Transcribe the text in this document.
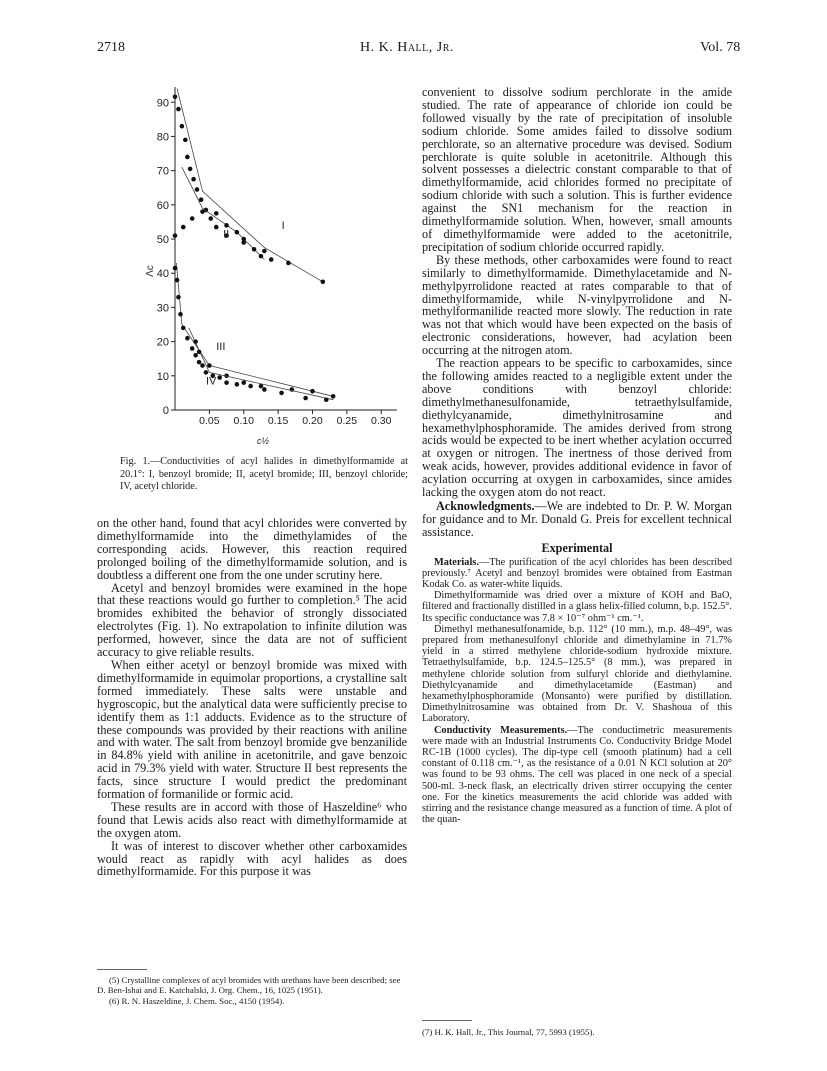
2718	H. K. Hall, Jr.	Vol. 78
0
10
20
30
40
50
60
70
80
90
0.05 0.10 0.15 0.20 0.25 0.30
Λc
c½
I
II
III
IV
Fig. 1.—Conductivities of acyl halides in dimethylformamide at 20.1°: I, benzoyl bromide; II, acetyl bromide; III, benzoyl chloride; IV, acetyl chloride.

on the other hand, found that acyl chlorides were converted by dimethylformamide into the dimethylamides of the corresponding acids. However, this reaction required prolonged boiling of the dimethylformamide solution, and is doubtless a different one from the one under scrutiny here.

Acetyl and benzoyl bromides were examined in the hope that these reactions would go further to completion.⁵ The acid bromides exhibited the behavior of strongly dissociated electrolytes (Fig. 1). No extrapolation to infinite dilution was performed, however, since the data are not of sufficient accuracy to give reliable results.

When either acetyl or benzoyl bromide was mixed with dimethylformamide in equimolar proportions, a crystalline salt formed immediately. These salts were unstable and hygroscopic, but the analytical data were sufficiently precise to identify them as 1:1 adducts. Evidence as to the structure of these compounds was provided by their reactions with aniline and with water. The salt from benzoyl bromide gve benzanilide in 84.8% yield with aniline in acetonitrile, and gave benzoic acid in 79.3% yield with water. Structure II best represents the facts, since structure I would predict the predominant formation of formanilide or formic acid.

These results are in accord with those of Haszeldine⁶ who found that Lewis acids also react with dimethylformamide at the oxygen atom.

It was of interest to discover whether other carboxamides would react as rapidly with acyl halides as does dimethylformamide. For this purpose it was

(5) Crystalline complexes of acyl bromides with urethans have been described; see D. Ben-Ishai and E. Katchalski, J. Org. Chem., 16, 1025 (1951).

(6) R. N. Haszeldine, J. Chem. Soc., 4150 (1954).

convenient to dissolve sodium perchlorate in the amide studied. The rate of appearance of chloride ion could be followed visually by the rate of precipitation of insoluble sodium chloride. Some amides failed to dissolve sodium perchlorate, so an alternative procedure was devised. Sodium perchlorate is quite soluble in acetonitrile. Although this solvent possesses a dielectric constant comparable to that of dimethylformamide, acid chlorides formed no precipitate of sodium chloride with such a solution. This is further evidence against the SN1 mechanism for the reaction in dimethylformamide solution. When, however, small amounts of dimethylformamide were added to the acetonitrile, precipitation of sodium chloride occurred rapidly.

By these methods, other carboxamides were found to react similarly to dimethylformamide. Dimethylacetamide and N-methylpyrrolidone reacted at rates comparable to that of dimethylformamide, while N-vinylpyrrolidone and N-methylformanilide reacted more slowly. The reduction in rate was not that which would have been expected on the basis of electronic considerations, however, had acylation been occurring at the nitrogen atom.

The reaction appears to be specific to carboxamides, since the following amides reacted to a negligible extent under the above conditions with benzoyl chloride: dimethylmethanesulfonamide, tetraethylsulfamide, diethylcyanamide, dimethylnitrosamine and hexamethylphosphoramide. The amides derived from strong acids would be expected to be inert whether acylation occurred at oxygen or nitrogen. The inertness of those derived from weak acids, however, provides additional evidence in favor of acylation occurring at oxygen in carboxamides, since amides lacking the oxygen atom do not react.

Acknowledgments.—We are indebted to Dr. P. W. Morgan for guidance and to Mr. Donald G. Preis for excellent technical assistance.

Experimental

Materials.—The purification of the acyl chlorides has been described previously.⁷ Acetyl and benzoyl bromides were obtained from Eastman Kodak Co. as water-white liquids.

Dimethylformamide was dried over a mixture of KOH and BaO, filtered and fractionally distilled in a glass helix-filled column, b.p. 152.5°. Its specific conductance was 7.8 × 10⁻⁷ ohm⁻¹ cm.⁻¹.

Dimethyl methanesulfonamide, b.p. 112° (10 mm.), m.p. 48–49°, was prepared from methanesulfonyl chloride and dimethylamine in 71.7% yield in a stirred methylene chloride-sodium hydroxide mixture. Tetraethylsulfamide, b.p. 124.5–125.5° (8 mm.), was prepared in methylene chloride solution from sulfuryl chloride and diethylamine. Diethylcyanamide and dimethylacetamide (Eastman) and hexamethylphosphoramide (Monsanto) were purified by distillation. Dimethylnitrosamine was obtained from Dr. V. Shashoua of this Laboratory.

Conductivity Measurements.—The conductimetric measurements were made with an Industrial Instruments Co. Conductivity Bridge Model RC-1B (1000 cycles). The dip-type cell (smooth platinum) had a cell constant of 0.118 cm.⁻¹, as the resistance of a 0.01 N KCl solution at 20° was found to be 93 ohms. The cell was placed in one neck of a special 500-ml. 3-neck flask, an electrically driven stirrer occupying the center one. For the kinetics measurements the acid chloride was added with stirring and the resistance change measured as a function of time. A plot of the quan-

(7) H. K. Hall, Jr., This Journal, 77, 5993 (1955).
